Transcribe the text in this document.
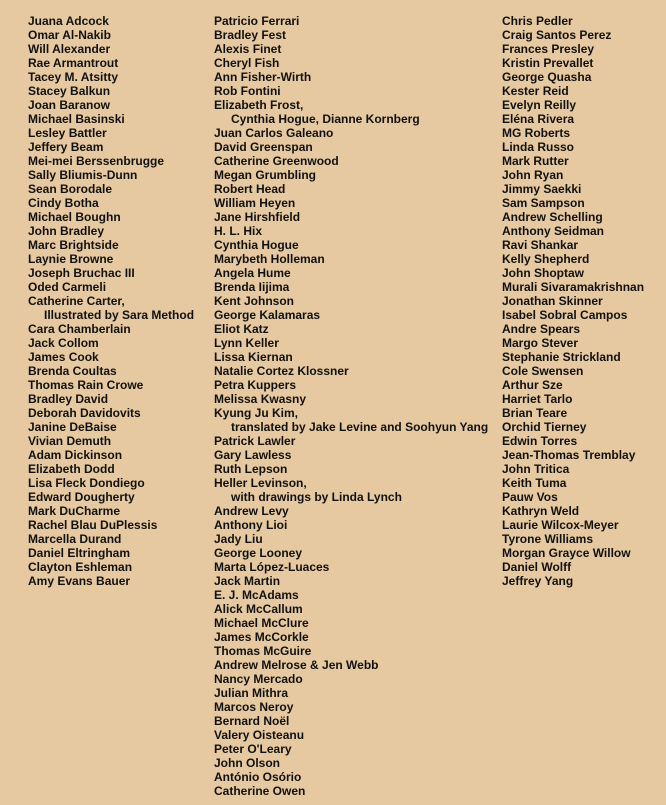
Juana Adcock
Omar Al-Nakib
Will Alexander
Rae Armantrout
Tacey M. Atsitty
Stacey Balkun
Joan Baranow
Michael Basinski
Lesley Battler
Jeffery Beam
Mei-mei Berssenbrugge
Sally Bliumis-Dunn
Sean Borodale
Cindy Botha
Michael Boughn
John Bradley
Marc Brightside
Laynie Browne
Joseph Bruchac III
Oded Carmeli
Catherine Carter,
Illustrated by Sara Method
Cara Chamberlain
Jack Collom
James Cook
Brenda Coultas
Thomas Rain Crowe
Bradley David
Deborah Davidovits
Janine DeBaise
Vivian Demuth
Adam Dickinson
Elizabeth Dodd
Lisa Fleck Dondiego
Edward Dougherty
Mark DuCharme
Rachel Blau DuPlessis
Marcella Durand
Daniel Eltringham
Clayton Eshleman
Amy Evans Bauer
Patricio Ferrari
Bradley Fest
Alexis Finet
Cheryl Fish
Ann Fisher-Wirth
Rob Fontini
Elizabeth Frost,
Cynthia Hogue, Dianne Kornberg
Juan Carlos Galeano
David Greenspan
Catherine Greenwood
Megan Grumbling
Robert Head
William Heyen
Jane Hirshfield
H. L. Hix
Cynthia Hogue
Marybeth Holleman
Angela Hume
Brenda Iijima
Kent Johnson
George Kalamaras
Eliot Katz
Lynn Keller
Lissa Kiernan
Natalie Cortez Klossner
Petra Kuppers
Melissa Kwasny
Kyung Ju Kim,
translated by Jake Levine and Soohyun Yang
Patrick Lawler
Gary Lawless
Ruth Lepson
Heller Levinson,
with drawings by Linda Lynch
Andrew Levy
Anthony Lioi
Jady Liu
George Looney
Marta López-Luaces
Jack Martin
E. J. McAdams
Alick McCallum
Michael McClure
James McCorkle
Thomas McGuire
Andrew Melrose & Jen Webb
Nancy Mercado
Julian Mithra
Marcos Neroy
Bernard Noël
Valery Oisteanu
Peter O'Leary
John Olson
António Osório
Catherine Owen
Chris Pedler
Craig Santos Perez
Frances Presley
Kristin Prevallet
George Quasha
Kester Reid
Evelyn Reilly
Eléna Rivera
MG Roberts
Linda Russo
Mark Rutter
John Ryan
Jimmy Saekki
Sam Sampson
Andrew Schelling
Anthony Seidman
Ravi Shankar
Kelly Shepherd
John Shoptaw
Murali Sivaramakrishnan
Jonathan Skinner
Isabel Sobral Campos
Andre Spears
Margo Stever
Stephanie Strickland
Cole Swensen
Arthur Sze
Harriet Tarlo
Brian Teare
Orchid Tierney
Edwin Torres
Jean-Thomas Tremblay
John Tritica
Keith Tuma
Pauw Vos
Kathryn Weld
Laurie Wilcox-Meyer
Tyrone Williams
Morgan Grayce Willow
Daniel Wolff
Jeffrey Yang
